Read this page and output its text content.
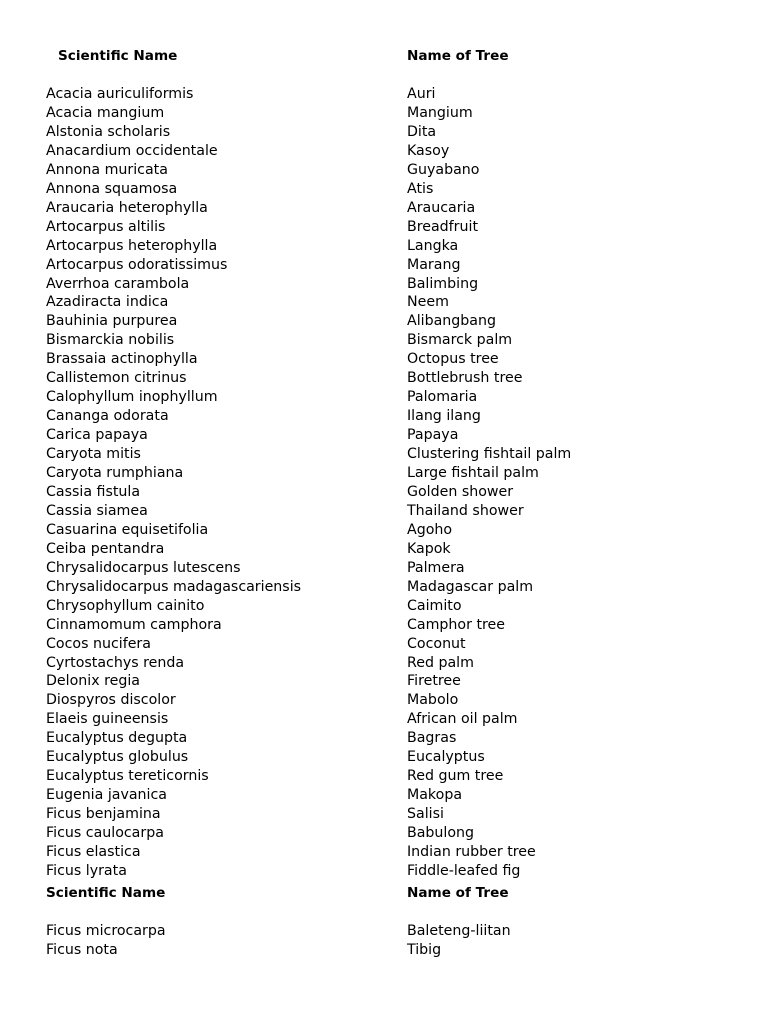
Scientific Name	Name of Tree
Acacia auriculiformis	Auri
Acacia mangium	Mangium
Alstonia scholaris	Dita
Anacardium occidentale	Kasoy
Annona muricata	Guyabano
Annona squamosa	Atis
Araucaria heterophylla	Araucaria
Artocarpus altilis	Breadfruit
Artocarpus heterophylla	Langka
Artocarpus odoratissimus	Marang
Averrhoa carambola	Balimbing
Azadiracta indica	Neem
Bauhinia purpurea	Alibangbang
Bismarckia nobilis	Bismarck palm
Brassaia actinophylla	Octopus tree
Callistemon citrinus	Bottlebrush tree
Calophyllum inophyllum	Palomaria
Cananga odorata	Ilang ilang
Carica papaya	Papaya
Caryota mitis	Clustering fishtail palm
Caryota rumphiana	Large fishtail palm
Cassia fistula	Golden shower
Cassia siamea	Thailand shower
Casuarina equisetifolia	Agoho
Ceiba pentandra	Kapok
Chrysalidocarpus lutescens	Palmera
Chrysalidocarpus madagascariensis	Madagascar palm
Chrysophyllum cainito	Caimito
Cinnamomum camphora	Camphor tree
Cocos nucifera	Coconut
Cyrtostachys renda	Red palm
Delonix regia	Firetree
Diospyros discolor	Mabolo
Elaeis guineensis	African oil palm
Eucalyptus degupta	Bagras
Eucalyptus globulus	Eucalyptus
Eucalyptus tereticornis	Red gum tree
Eugenia javanica	Makopa
Ficus benjamina	Salisi
Ficus caulocarpa	Babulong
Ficus elastica	Indian rubber tree
Ficus lyrata	Fiddle-leafed fig
Scientific Name	Name of Tree
Ficus microcarpa	Baleteng-liitan
Ficus nota	Tibig
